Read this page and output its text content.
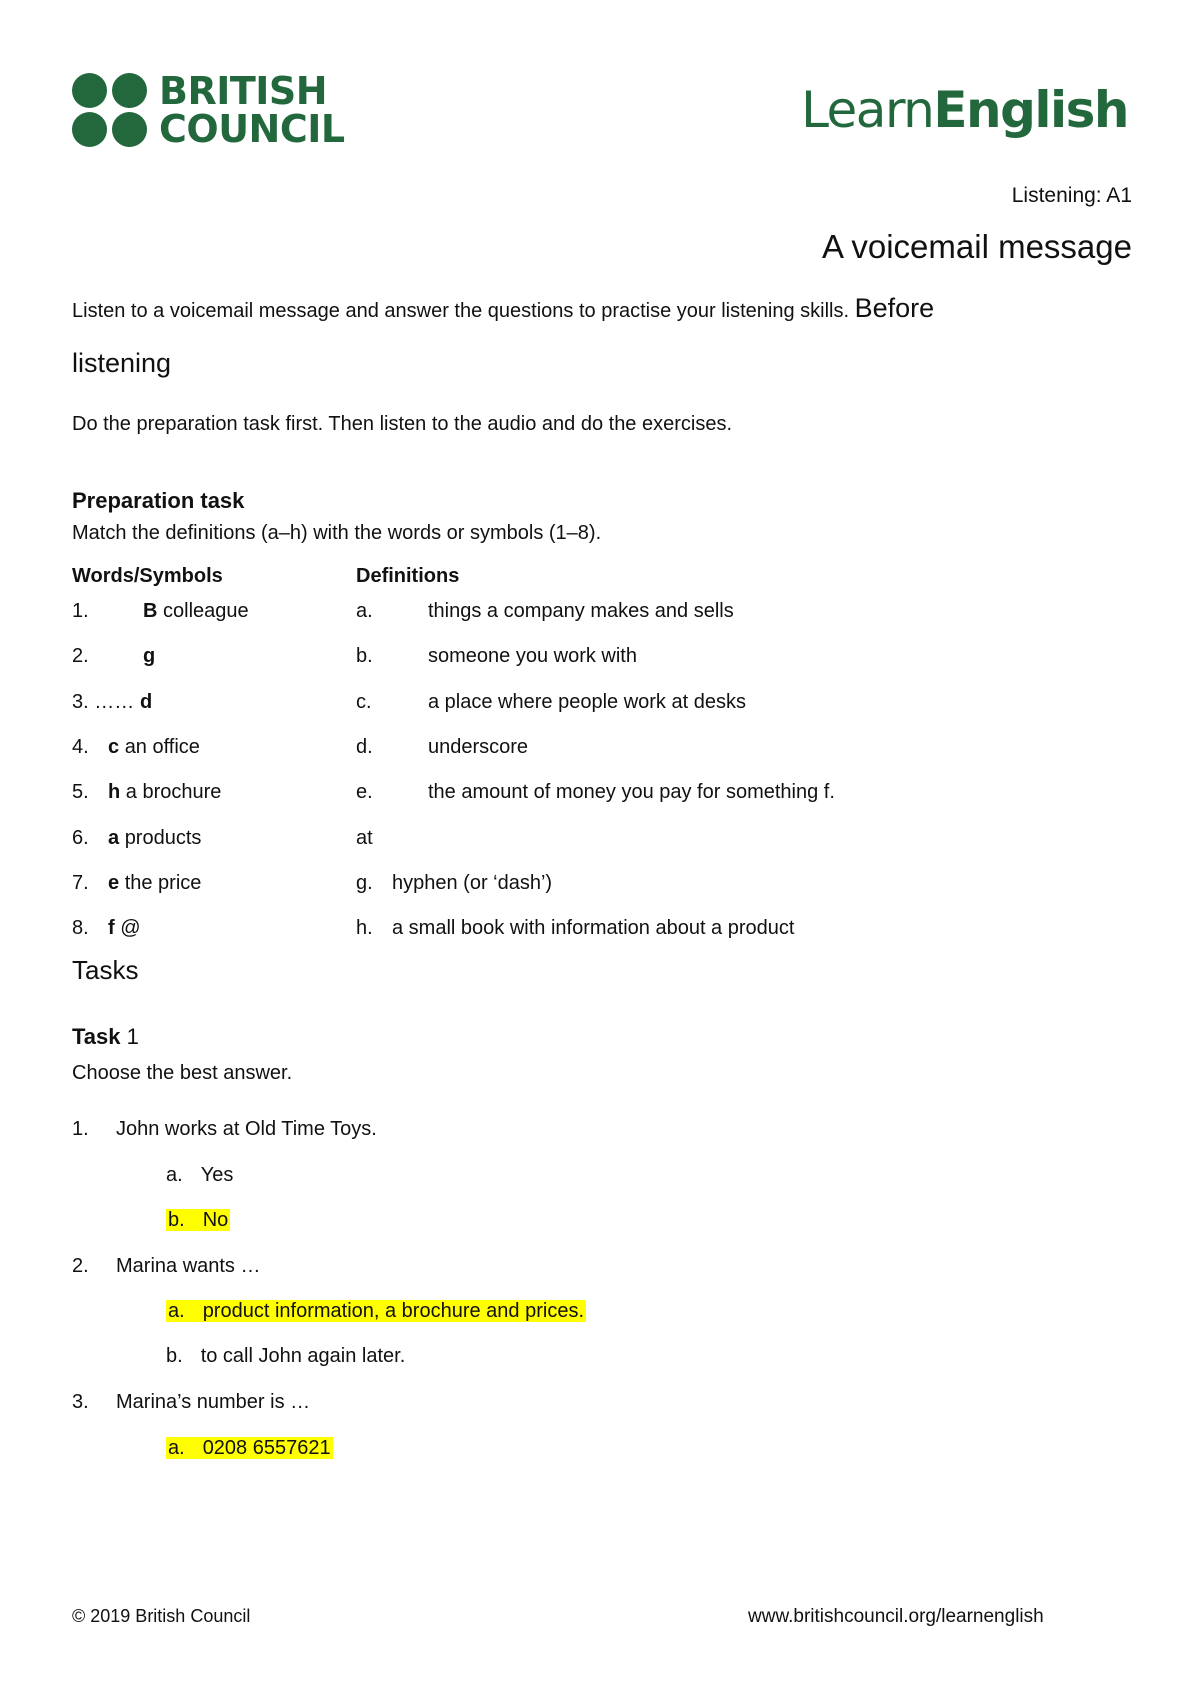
BRITISH
COUNCIL	LearnEnglish
Listening: A1
A voicemail message
Listen to a voicemail message and answer the questions to practise your listening skills. Before
listening
Do the preparation task first. Then listen to the audio and do the exercises.
Preparation task
Match the definitions (a–h) with the words or symbols (1–8).
Words/Symbols	Definitions
1.	B colleague	a.	things a company makes and sells
2.	g	b.	someone you work with
3. …… d	c.	a place where people work at desks
4. c an office	d.	underscore
5. h a brochure	e.	the amount of money you pay for something f.
6. a products	at
7. e the price	g. hyphen (or ‘dash’)
8. f @	h. a small book with information about a product
Tasks
Task 1
Choose the best answer.
1. John works at Old Time Toys.
a. Yes
b. No
2. Marina wants …
a. product information, a brochure and prices.
b. to call John again later.
3. Marina’s number is …
a. 0208 6557621
© 2019 British Council	www.britishcouncil.org/learnenglish
